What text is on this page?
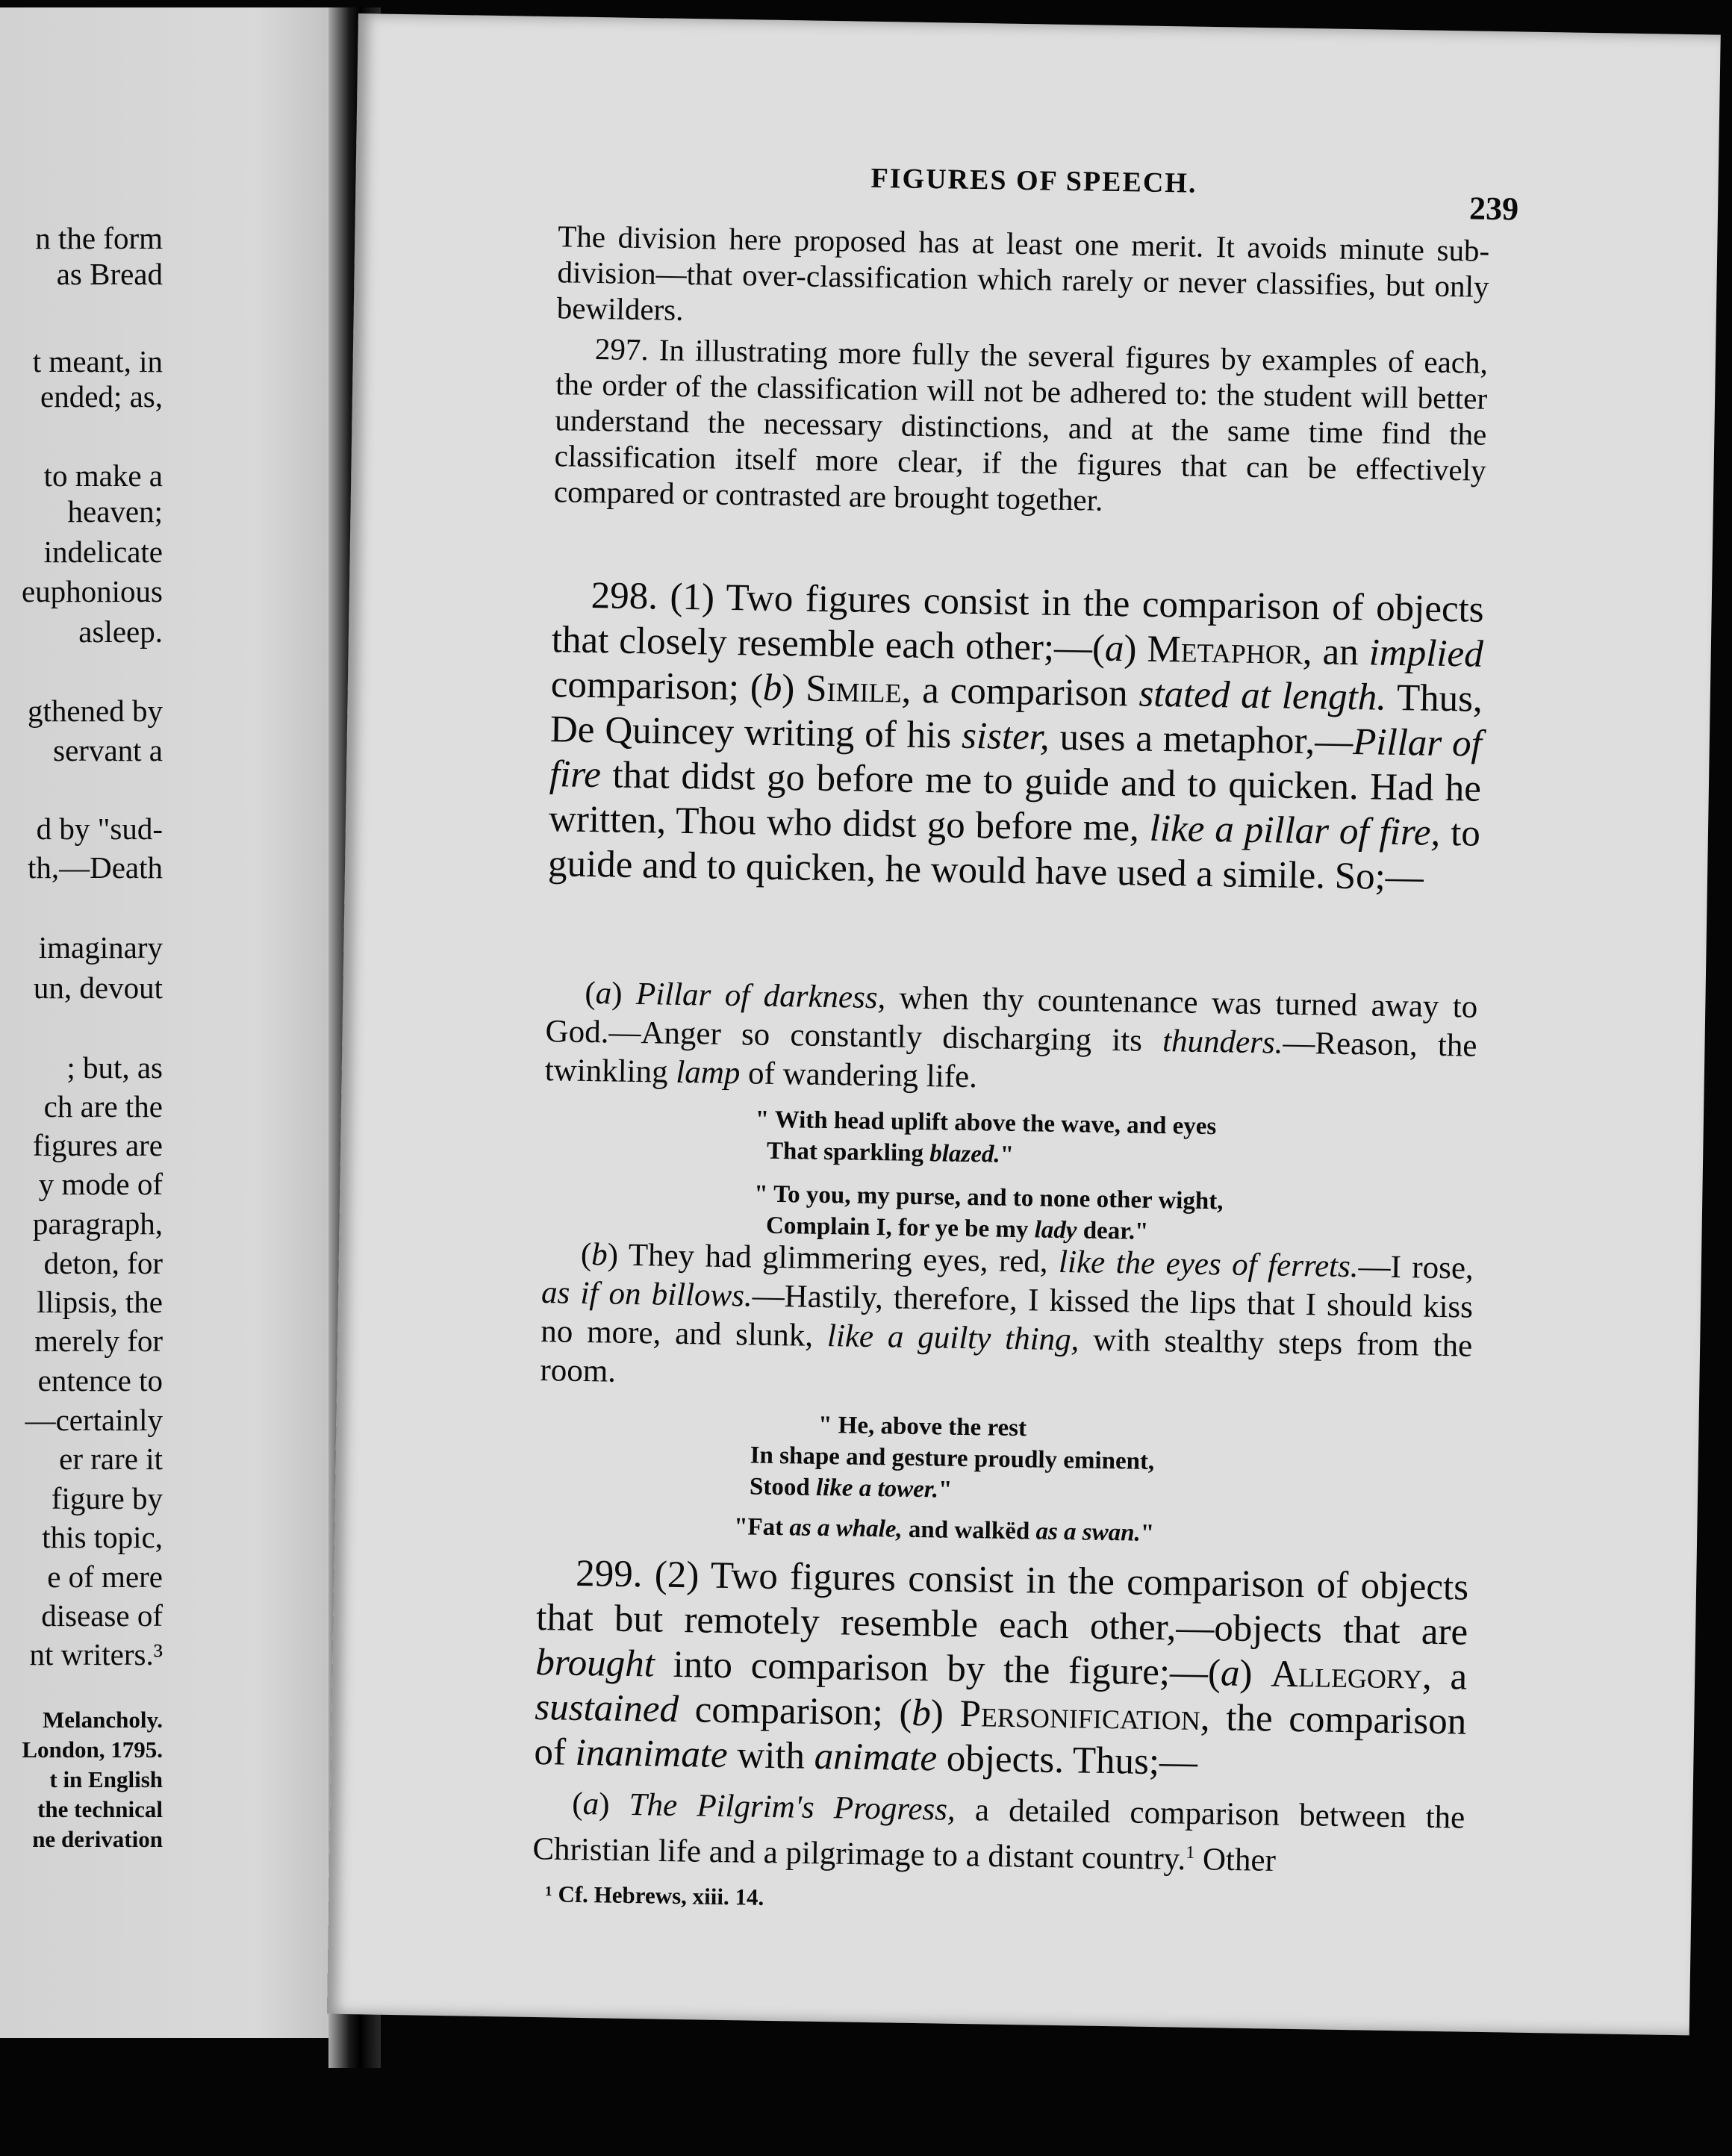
n the form
as Bread
t meant, in
ended; as,
to make a
heaven;
indelicate
euphonious
asleep.
gthened by
servant a
d by "sud-
th,—Death
imaginary
un, devout
; but, as
ch are the
figures are
y mode of
paragraph,
deton, for
llipsis, the
merely for
entence to
—certainly
er rare it
figure by
this topic,
e of mere
disease of
nt writers.³
Melancholy.
London, 1795.
t in English
the technical
ne derivation
FIGURES OF SPEECH.
239

The division here proposed has at least one merit. It avoids minute sub-division—that over-classification which rarely or never classifies, but only bewilders.

297. In illustrating more fully the several figures by examples of each, the order of the classification will not be adhered to: the student will better understand the necessary distinctions, and at the same time find the classification itself more clear, if the figures that can be effectively compared or contrasted are brought together.

298. (1) Two figures consist in the comparison of objects that closely resemble each other;—(a) Metaphor, an implied comparison; (b) Simile, a comparison stated at length. Thus, De Quincey writing of his sister, uses a metaphor,—Pillar of fire that didst go before me to guide and to quicken. Had he written, Thou who didst go before me, like a pillar of fire, to guide and to quicken, he would have used a simile. So;—

(a) Pillar of darkness, when thy countenance was turned away to God.—Anger so constantly discharging its thunders.—Reason, the twinkling lamp of wandering life.

" With head uplift above the wave, and eyes
That sparkling blazed."
" To you, my purse, and to none other wight,
Complain I, for ye be my lady dear."

(b) They had glimmering eyes, red, like the eyes of ferrets.—I rose, as if on billows.—Hastily, therefore, I kissed the lips that I should kiss no more, and slunk, like a guilty thing, with stealthy steps from the room.

" He, above the rest
In shape and gesture proudly eminent,
Stood like a tower."
"Fat as a whale, and walkëd as a swan."

299. (2) Two figures consist in the comparison of objects that but remotely resemble each other,—objects that are brought into comparison by the figure;—(a) Allegory, a sustained comparison; (b) Personification, the comparison of inanimate with animate objects. Thus;—

(a) The Pilgrim's Progress, a detailed comparison between the Christian life and a pilgrimage to a distant country.$^1$ Other

¹ Cf. Hebrews, xiii. 14.
